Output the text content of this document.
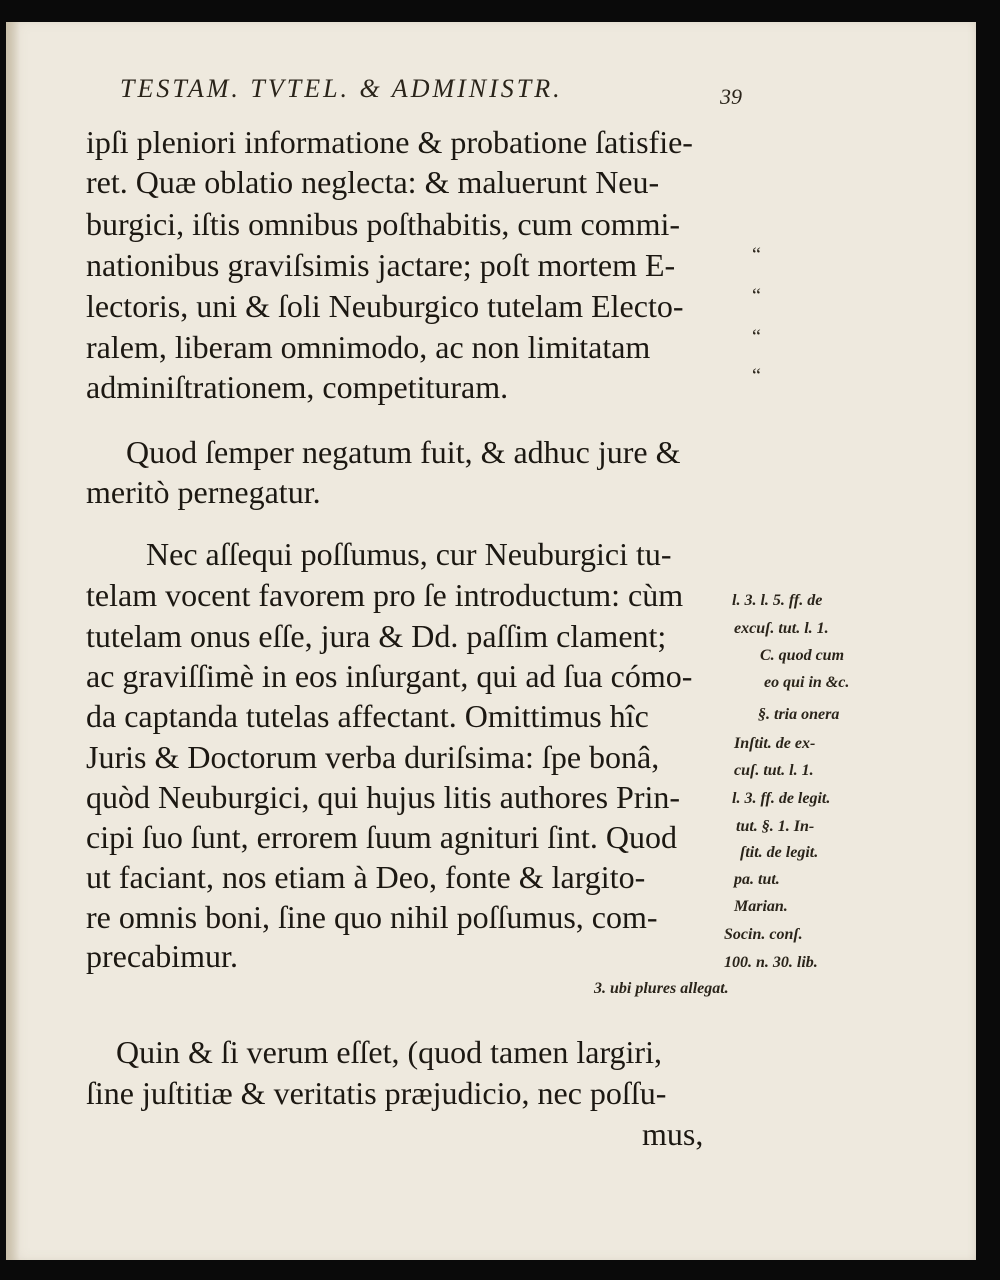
TESTAM. TVTEL. & ADMINISTR.	39
ipſi pleniori informatione & probatione ſatisfie-
ret. Quæ oblatio neglecta: & maluerunt Neu-
burgici, iſtis omnibus poſthabitis, cum commi-
nationibus graviſsimis jactare; poſt mortem E-
lectoris, uni & ſoli Neuburgico tutelam Electo-
ralem, liberam omnimodo, ac non limitatam
adminiſtrationem, competituram.
“
“
“
“
Quod ſemper negatum fuit, & adhuc jure &
meritò pernegatur.
Nec aſſequi poſſumus, cur Neuburgici tu-
telam vocent favorem pro ſe introductum: cùm
tutelam onus eſſe, jura & Dd. paſſim clament;
ac graviſſimè in eos inſurgant, qui ad ſua cómo-
da captanda tutelas affectant. Omittimus hîc
Juris & Doctorum verba duriſsima: ſpe bonâ,
quòd Neuburgici, qui hujus litis authores Prin-
cipi ſuo ſunt, errorem ſuum agnituri ſint. Quod
ut faciant, nos etiam à Deo, fonte & largito-
re omnis boni, ſine quo nihil poſſumus, com-
precabimur.
Quin & ſi verum eſſet, (quod tamen largiri,
ſine juſtitiæ & veritatis præjudicio, nec poſſu-
mus,
l. 3. l. 5. ff. de
excuſ. tut. l. 1.
C. quod cum
eo qui in &c.
§. tria onera
Inſtit. de ex-
cuſ. tut. l. 1.
l. 3. ff. de legit.
tut. §. 1. In-
ſtit. de legit.
pa. tut.
Marian.
Socin. conſ.
100. n. 30. lib.
3. ubi plures allegat.
